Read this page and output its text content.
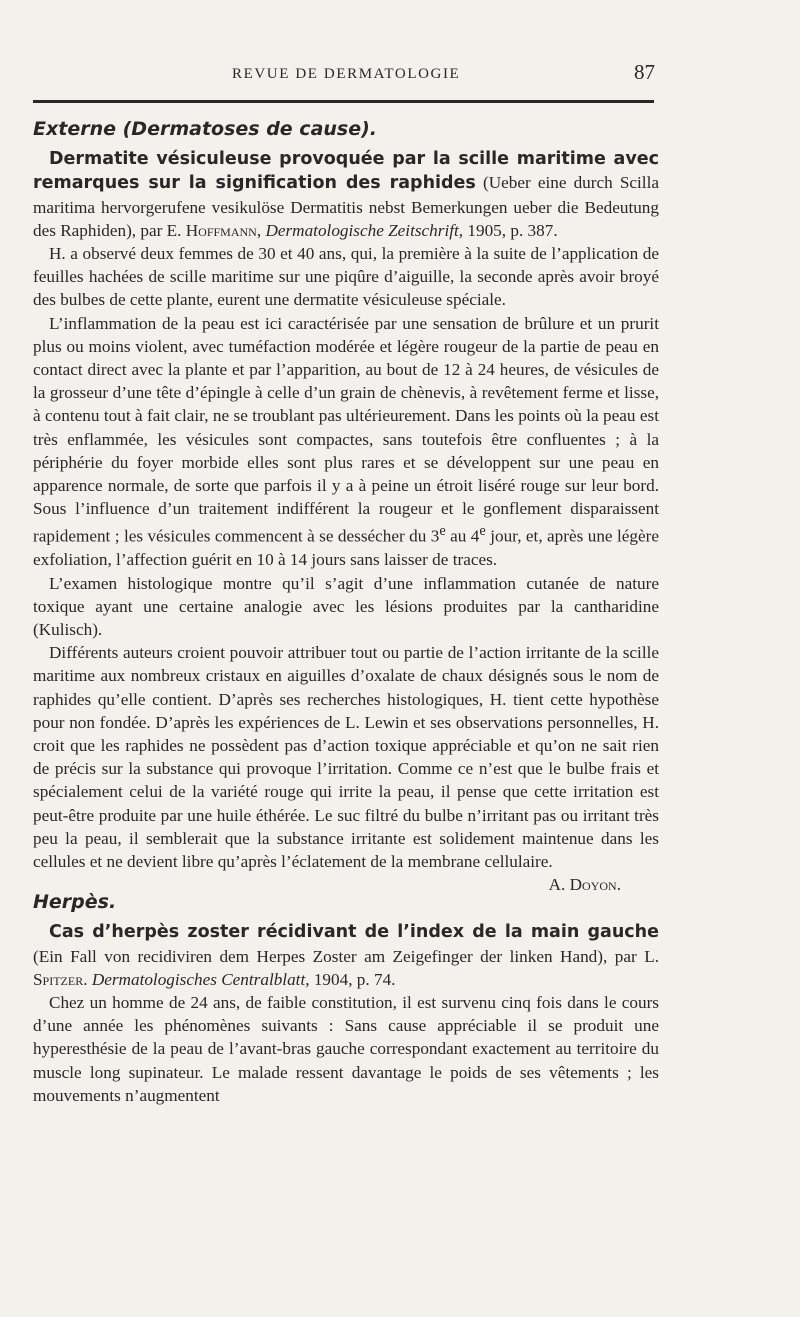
REVUE DE DERMATOLOGIE	87
Externe (Dermatoses de cause).

Dermatite vésiculeuse provoquée par la scille maritime avec remarques sur la signification des raphides (Ueber eine durch Scilla maritima hervorgerufene vesikulöse Dermatitis nebst Bemerkungen ueber die Bedeutung des Raphiden), par E. Hoffmann, Dermatologische Zeitschrift, 1905, p. 387.

H. a observé deux femmes de 30 et 40 ans, qui, la première à la suite de l’application de feuilles hachées de scille maritime sur une piqûre d’aiguille, la seconde après avoir broyé des bulbes de cette plante, eurent une dermatite vésiculeuse spéciale.

L’inflammation de la peau est ici caractérisée par une sensation de brûlure et un prurit plus ou moins violent, avec tuméfaction modérée et légère rougeur de la partie de peau en contact direct avec la plante et par l’apparition, au bout de 12 à 24 heures, de vésicules de la grosseur d’une tête d’épingle à celle d’un grain de chènevis, à revêtement ferme et lisse, à contenu tout à fait clair, ne se troublant pas ultérieurement. Dans les points où la peau est très enflammée, les vésicules sont compactes, sans toutefois être confluentes ; à la périphérie du foyer morbide elles sont plus rares et se développent sur une peau en apparence normale, de sorte que parfois il y a à peine un étroit liséré rouge sur leur bord. Sous l’influence d’un traitement indifférent la rougeur et le gonflement disparaissent rapidement ; les vésicules commencent à se dessécher du 3e au 4e jour, et, après une légère exfoliation, l’affection guérit en 10 à 14 jours sans laisser de traces.

L’examen histologique montre qu’il s’agit d’une inflammation cutanée de nature toxique ayant une certaine analogie avec les lésions produites par la cantharidine (Kulisch).

Différents auteurs croient pouvoir attribuer tout ou partie de l’action irritante de la scille maritime aux nombreux cristaux en aiguilles d’oxalate de chaux désignés sous le nom de raphides qu’elle contient. D’après ses recherches histologiques, H. tient cette hypothèse pour non fondée. D’après les expériences de L. Lewin et ses observations personnelles, H. croit que les raphides ne possèdent pas d’action toxique appréciable et qu’on ne sait rien de précis sur la substance qui provoque l’irritation. Comme ce n’est que le bulbe frais et spécialement celui de la variété rouge qui irrite la peau, il pense que cette irritation est peut-être produite par une huile éthérée. Le suc filtré du bulbe n’irritant pas ou irritant très peu la peau, il semblerait que la substance irritante est solidement maintenue dans les cellules et ne devient libre qu’après l’éclatement de la membrane cellulaire.
A. Doyon.

Herpès.

Cas d’herpès zoster récidivant de l’index de la main gauche (Ein Fall von recidiviren dem Herpes Zoster am Zeigefinger der linken Hand), par L. Spitzer. Dermatologisches Centralblatt, 1904, p. 74.

Chez un homme de 24 ans, de faible constitution, il est survenu cinq fois dans le cours d’une année les phénomènes suivants : Sans cause appréciable il se produit une hyperesthésie de la peau de l’avant-bras gauche correspondant exactement au territoire du muscle long supinateur. Le malade ressent davantage le poids de ses vêtements ; les mouvements n’augmentent
